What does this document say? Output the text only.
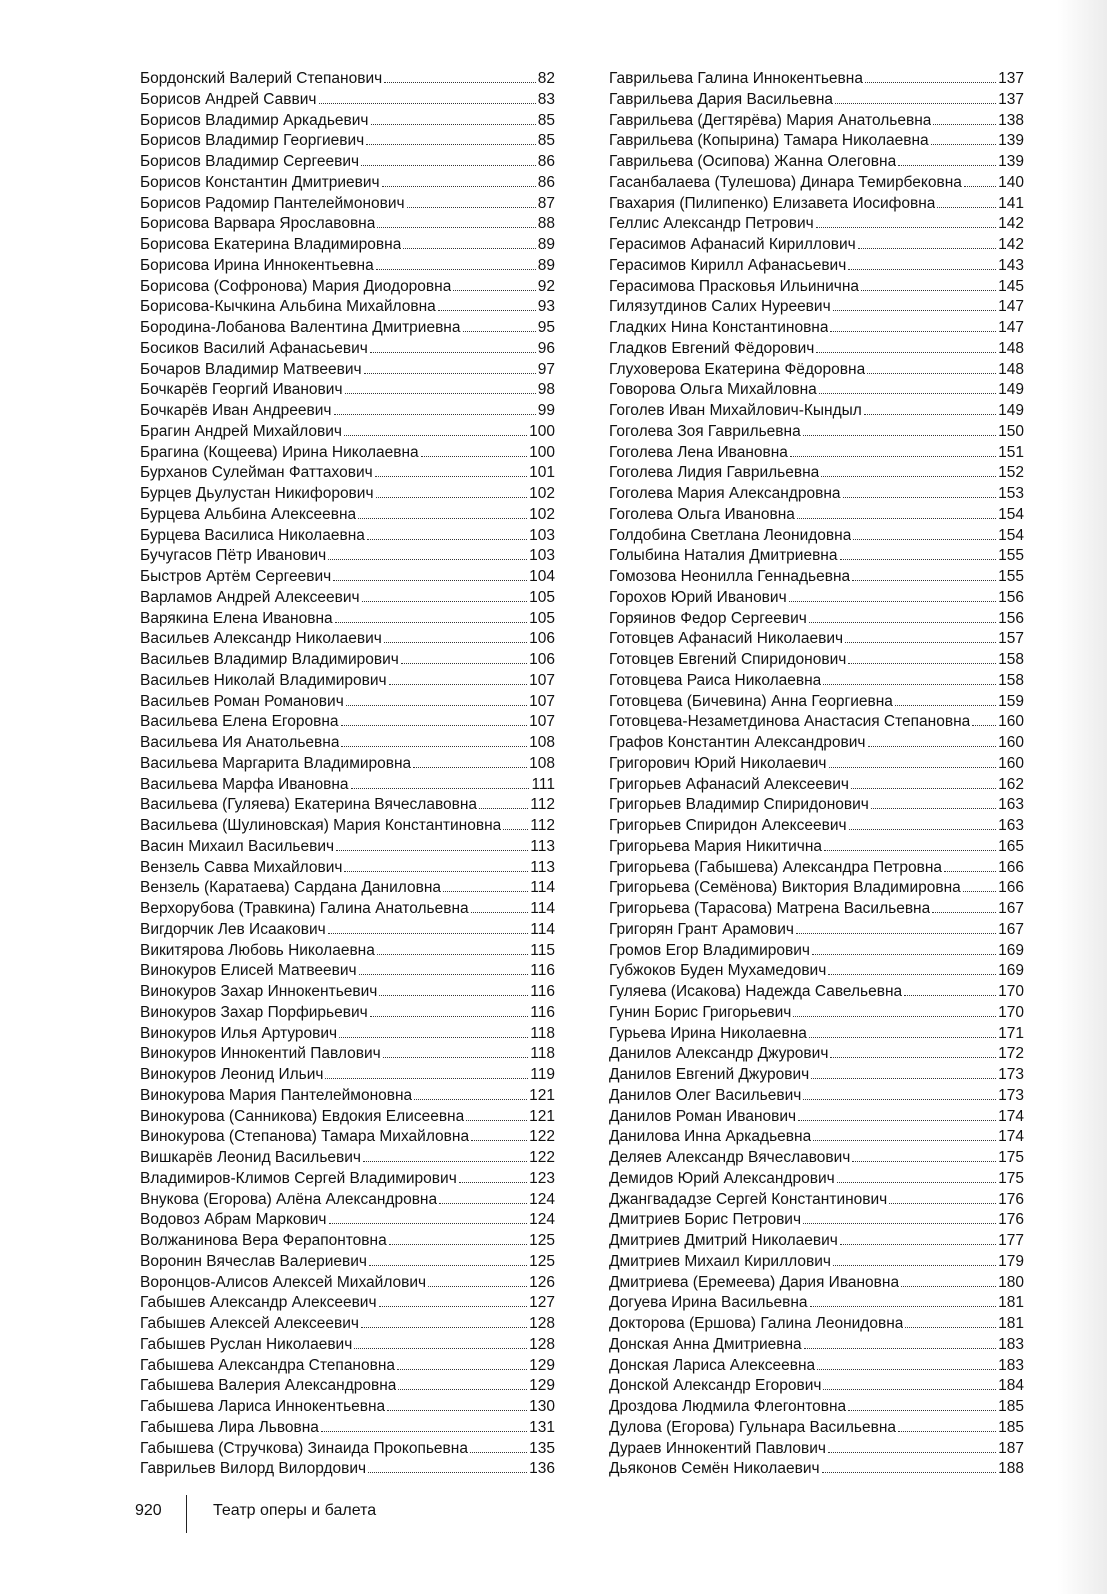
Бордонский Валерий Степанович	82
Борисов Андрей Саввич	83
Борисов Владимир Аркадьевич	85
Борисов Владимир Георгиевич	85
Борисов Владимир Сергеевич	86
Борисов Константин Дмитриевич	86
Борисов Радомир Пантелеймонович	87
Борисова Варвара Ярославовна	88
Борисова Екатерина Владимировна	89
Борисова Ирина Иннокентьевна	89
Борисова (Софронова) Мария Диодоровна	92
Борисова-Кычкина Альбина Михайловна	93
Бородина-Лобанова Валентина Дмитриевна	95
Босиков Василий Афанасьевич	96
Бочаров Владимир Матвеевич	97
Бочкарёв Георгий Иванович	98
Бочкарёв Иван Андреевич	99
Брагин Андрей Михайлович	100
Брагина (Кощеева) Ирина Николаевна	100
Бурханов Сулейман Фаттахович	101
Бурцев Дьулустан Никифорович	102
Бурцева Альбина Алексеевна	102
Бурцева Василиса Николаевна	103
Бучугасов Пётр Иванович	103
Быстров Артём Сергеевич	104
Варламов Андрей Алексеевич	105
Варякина Елена Ивановна	105
Васильев Александр Николаевич	106
Васильев Владимир Владимирович	106
Васильев Николай Владимирович	107
Васильев Роман Романович	107
Васильева Елена Егоровна	107
Васильева Ия Анатольевна	108
Васильева Маргарита Владимировна	108
Васильева Марфа Ивановна	111
Васильева (Гуляева) Екатерина Вячеславовна	112
Васильева (Шулиновская) Мария Константиновна 112
Васин Михаил Васильевич	113
Вензель Савва Михайлович	113
Вензель (Каратаева) Сардана Даниловна	114
Верхорубова (Травкина) Галина Анатольевна	114
Вигдорчик Лев Исаакович	114
Викитярова Любовь Николаевна	115
Винокуров Елисей Матвеевич	116
Винокуров Захар Иннокентьевич	116
Винокуров Захар Порфирьевич	116
Винокуров Илья Артурович	118
Винокуров Иннокентий Павлович	118
Винокуров Леонид Ильич	119
Винокурова Мария Пантелеймоновна	121
Винокурова (Санникова) Евдокия Елисеевна	121
Винокурова (Степанова) Тамара Михайловна	122
Вишкарёв Леонид Васильевич	122
Владимиров-Климов Сергей Владимирович	123
Внукова (Егорова) Алёна Александровна	124
Водовоз Абрам Маркович	124
Волжанинова Вера Ферапонтовна	125
Воронин Вячеслав Валериевич	125
Воронцов-Алисов Алексей Михайлович	126
Габышев Александр Алексеевич	127
Габышев Алексей Алексеевич	128
Габышев Руслан Николаевич	128
Габышева Александра Степановна	129
Габышева Валерия Александровна	129
Габышева Лариса Иннокентьевна	130
Габышева Лира Львовна	131
Габышева (Стручкова) Зинаида Прокопьевна	135
Гаврильев Вилорд Вилордович	136
Гаврильева Галина Иннокентьевна	137
Гаврильева Дария Васильевна	137
Гаврильева (Дегтярёва) Мария Анатольевна	138
Гаврильева (Копырина) Тамара Николаевна	139
Гаврильева (Осипова) Жанна Олеговна	139
Гасанбалаева (Тулешова) Динара Темирбековна 140
Гвахария (Пилипенко) Елизавета Иосифовна	141
Геллис Александр Петрович	142
Герасимов Афанасий Кириллович	142
Герасимов Кирилл Афанасьевич	143
Герасимова Прасковья Ильинична	145
Гилязутдинов Салих Нуреевич	147
Гладких Нина Константиновна	147
Гладков Евгений Фёдорович	148
Глуховерова Екатерина Фёдоровна	148
Говорова Ольга Михайловна	149
Гоголев Иван Михайлович-Кындыл	149
Гоголева Зоя Гаврильевна	150
Гоголева Лена Ивановна	151
Гоголева Лидия Гаврильевна	152
Гоголева Мария Александровна	153
Гоголева Ольга Ивановна	154
Голдобина Светлана Леонидовна	154
Голыбина Наталия Дмитриевна	155
Гомозова Неонилла Геннадьевна	155
Горохов Юрий Иванович	156
Горяинов Федор Сергеевич	156
Готовцев Афанасий Николаевич	157
Готовцев Евгений Спиридонович	158
Готовцева Раиса Николаевна	158
Готовцева (Бичевина) Анна Георгиевна	159
Готовцева-Незаметдинова Анастасия Степановна 160
Графов Константин Александрович	160
Григорович Юрий Николаевич	160
Григорьев Афанасий Алексеевич	162
Григорьев Владимир Спиридонович	163
Григорьев Спиридон Алексеевич	163
Григорьева Мария Никитична	165
Григорьева (Габышева) Александра Петровна	166
Григорьева (Семёнова) Виктория Владимировна 166
Григорьева (Тарасова) Матрена Васильевна	167
Григорян Грант Арамович	167
Громов Егор Владимирович	169
Губжоков Буден Мухамедович	169
Гуляева (Исакова) Надежда Савельевна	170
Гунин Борис Григорьевич	170
Гурьева Ирина Николаевна	171
Данилов Александр Джурович	172
Данилов Евгений Джурович	173
Данилов Олег Васильевич	173
Данилов Роман Иванович	174
Данилова Инна Аркадьевна	174
Деляев Александр Вячеславович	175
Демидов Юрий Александрович	175
Джангвададзе Сергей Константинович	176
Дмитриев Борис Петрович	176
Дмитриев Дмитрий Николаевич	177
Дмитриев Михаил Кириллович	179
Дмитриева (Еремеева) Дария Ивановна	180
Догуева Ирина Васильевна	181
Докторова (Ершова) Галина Леонидовна	181
Донская Анна Дмитриевна	183
Донская Лариса Алексеевна	183
Донской Александр Егорович	184
Дроздова Людмила Флегонтовна	185
Дулова (Егорова) Гульнара Васильевна	185
Дураев Иннокентий Павлович	187
Дьяконов Семён Николаевич	188
920	Театр оперы и балета
